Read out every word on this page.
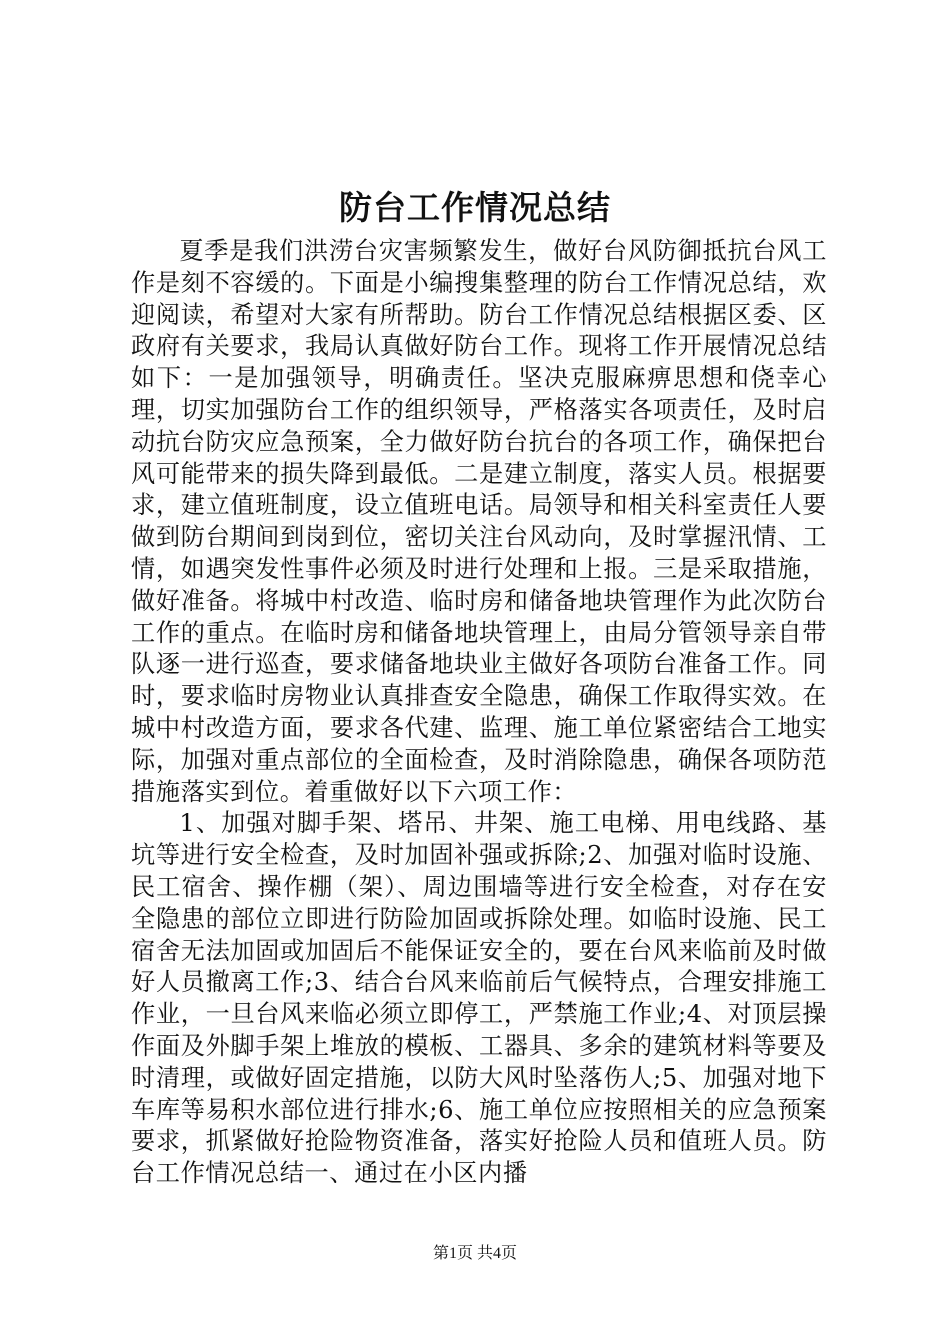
防台工作情况总结

夏季是我们洪涝台灾害频繁发生，做好台风防御抵抗台风工作是刻不容缓的。下面是小编搜集整理的防台工作情况总结，欢迎阅读，希望对大家有所帮助。防台工作情况总结根据区委、区政府有关要求，我局认真做好防台工作。现将工作开展情况总结如下：一是加强领导，明确责任。坚决克服麻痹思想和侥幸心理，切实加强防台工作的组织领导，严格落实各项责任，及时启动抗台防灾应急预案，全力做好防台抗台的各项工作，确保把台风可能带来的损失降到最低。二是建立制度，落实人员。根据要求，建立值班制度，设立值班电话。局领导和相关科室责任人要做到防台期间到岗到位，密切关注台风动向，及时掌握汛情、工情，如遇突发性事件必须及时进行处理和上报。三是采取措施，做好准备。将城中村改造、临时房和储备地块管理作为此次防台工作的重点。在临时房和储备地块管理上，由局分管领导亲自带队逐一进行巡查，要求储备地块业主做好各项防台准备工作。同时，要求临时房物业认真排查安全隐患，确保工作取得实效。在城中村改造方面，要求各代建、监理、施工单位紧密结合工地实际，加强对重点部位的全面检查，及时消除隐患，确保各项防范措施落实到位。着重做好以下六项工作：

1、加强对脚手架、塔吊、井架、施工电梯、用电线路、基坑等进行安全检查，及时加固补强或拆除;2、加强对临时设施、民工宿舍、操作棚（架）、周边围墙等进行安全检查，对存在安全隐患的部位立即进行防险加固或拆除处理。如临时设施、民工宿舍无法加固或加固后不能保证安全的，要在台风来临前及时做好人员撤离工作;3、结合台风来临前后气候特点，合理安排施工作业，一旦台风来临必须立即停工，严禁施工作业;4、对顶层操作面及外脚手架上堆放的模板、工器具、多余的建筑材料等要及时清理，或做好固定措施，以防大风时坠落伤人;5、加强对地下车库等易积水部位进行排水;6、施工单位应按照相关的应急预案要求，抓紧做好抢险物资准备，落实好抢险人员和值班人员。防台工作情况总结一、通过在小区内播

第1页 共4页
